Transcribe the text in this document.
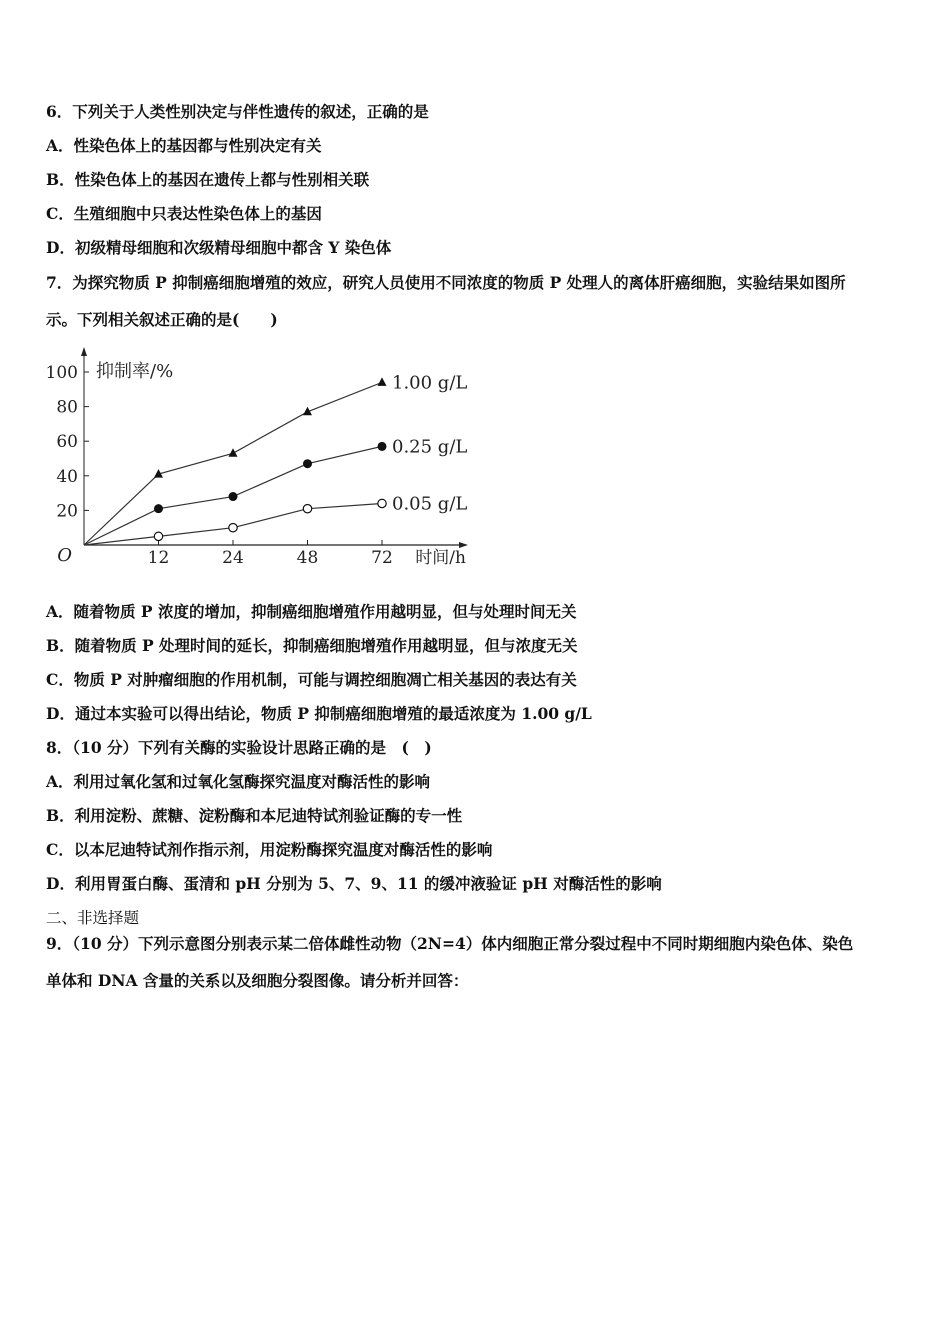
6．下列关于人类性别决定与伴性遗传的叙述，正确的是
A．性染色体上的基因都与性别决定有关
B．性染色体上的基因在遗传上都与性别相关联
C．生殖细胞中只表达性染色体上的基因
D．初级精母细胞和次级精母细胞中都含 Y 染色体
7．为探究物质 P 抑制癌细胞增殖的效应，研究人员使用不同浓度的物质 P 处理人的离体肝癌细胞，实验结果如图所
示。下列相关叙述正确的是(　　)
20
40
60
80
100
12	24	48	72
O
抑制率/%
时间/h
1.00 g/L
0.25 g/L
0.05 g/L
A．随着物质 P 浓度的增加，抑制癌细胞增殖作用越明显，但与处理时间无关
B．随着物质 P 处理时间的延长，抑制癌细胞增殖作用越明显，但与浓度无关
C．物质 P 对肿瘤细胞的作用机制，可能与调控细胞凋亡相关基因的表达有关
D．通过本实验可以得出结论，物质 P 抑制癌细胞增殖的最适浓度为 1.00 g/L
8．（10 分）下列有关酶的实验设计思路正确的是　(　)
A．利用过氧化氢和过氧化氢酶探究温度对酶活性的影响
B．利用淀粉、蔗糖、淀粉酶和本尼迪特试剂验证酶的专一性
C．以本尼迪特试剂作指示剂，用淀粉酶探究温度对酶活性的影响
D．利用胃蛋白酶、蛋清和 pH 分别为 5、7、9、11 的缓冲液验证 pH 对酶活性的影响
二、非选择题
9．（10 分）下列示意图分别表示某二倍体雌性动物（2N=4）体内细胞正常分裂过程中不同时期细胞内染色体、染色
单体和 DNA 含量的关系以及细胞分裂图像。请分析并回答：
